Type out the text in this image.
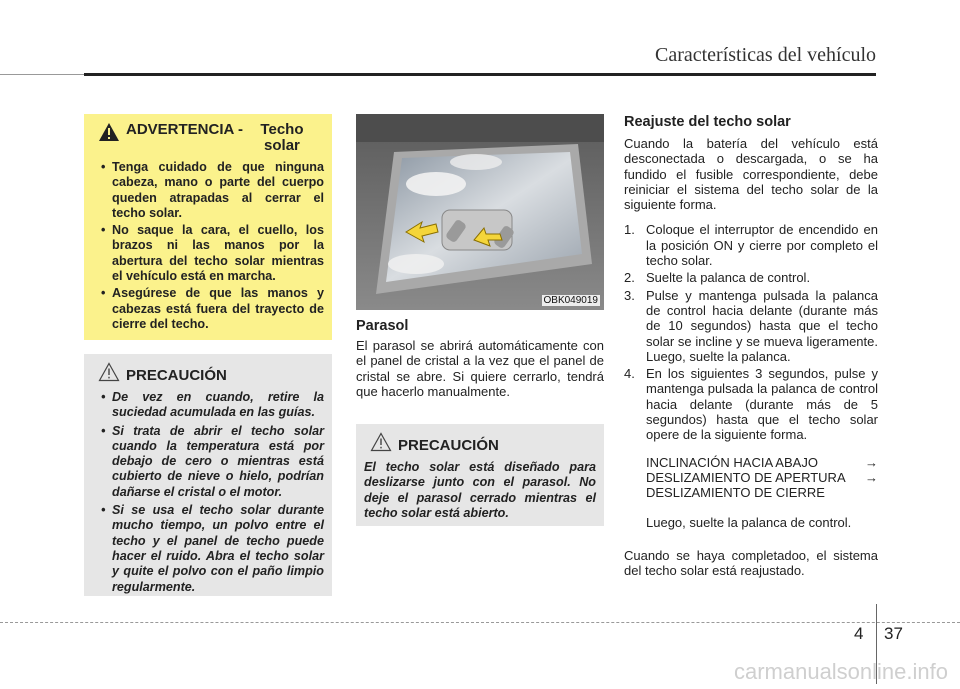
Características del vehículo
ADVERTENCIA -	Techo solar
• Tenga cuidado de que ninguna cabeza, mano o parte del cuerpo queden atrapadas al cerrar el techo solar.
• No saque la cara, el cuello, los brazos ni las manos por la abertura del techo solar mientras el vehículo está en marcha.
• Asegúrese de que las manos y cabezas está fuera del trayecto de cierre del techo.
PRECAUCIÓN
• De vez en cuando, retire la suciedad acumulada en las guías.
• Si trata de abrir el techo solar cuando la temperatura está por debajo de cero o mientras está cubierto de nieve o hielo, podrían dañarse el cristal o el motor.
• Si se usa el techo solar durante mucho tiempo, un polvo entre el techo y el panel de techo puede hacer el ruido. Abra el techo solar y quite el polvo con el paño limpio regularmente.
OBK049019
Parasol

El parasol se abrirá automáticamente con el panel de cristal a la vez que el panel de cristal se abre. Si quiere cerrarlo, tendrá que hacerlo manualmente.

PRECAUCIÓN

El techo solar está diseñado para deslizarse junto con el parasol. No deje el parasol cerrado mientras el techo solar está abierto.

Reajuste del techo solar

Cuando la batería del vehículo está desconectada o descargada, o se ha fundido el fusible correspondiente, debe reiniciar el sistema del techo solar de la siguiente forma.

1. Coloque el interruptor de encendido en la posición ON y cierre por completo el techo solar.
2. Suelte la palanca de control.
3. Pulse y mantenga pulsada la palanca de control hacia delante (durante más de 10 segundos) hasta que el techo solar se incline y se mueva ligeramente. Luego, suelte la palanca.
4. En los siguientes 3 segundos, pulse y mantenga pulsada la palanca de control hacia delante (durante más de 5 segundos) hasta que el techo solar opere de la siguiente forma.
INCLINACIÓN HACIA ABAJO	→
DESLIZAMIENTO DE APERTURA →
DESLIZAMIENTO DE CIERRE
Luego, suelte la palanca de control.

Cuando se haya completadoo, el sistema del techo solar está reajustado.

4 37
carmanualsonline.info
